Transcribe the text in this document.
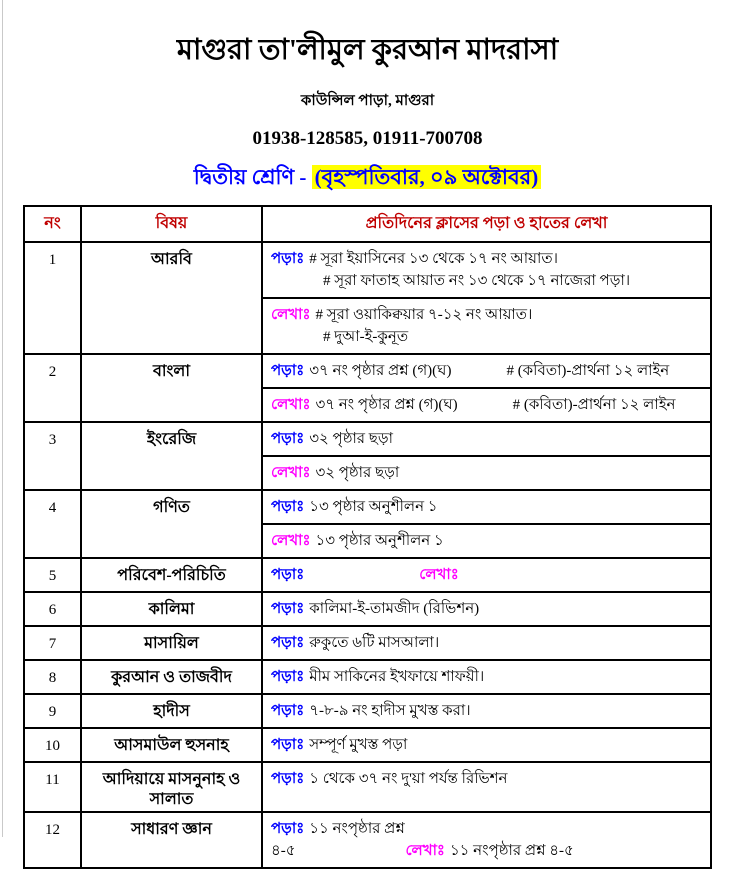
মাগুরা তা'লীমুল কুরআন মাদরাসা
কাউন্সিল পাড়া, মাগুরা
01938-128585, 01911-700708
দ্বিতীয় শ্রেণি - (বৃহস্পতিবার, ০৯ অক্টোবর)
নং	বিষয়	প্রতিদিনের ক্লাসের পড়া ও হাতের লেখা
1	আরবি	পড়াঃ # সূরা ইয়াসিনের ১৩ থেকে ১৭ নং আয়াত।
# সূরা ফাতাহ আয়াত নং ১৩ থেকে ১৭ নাজেরা পড়া।
লেখাঃ # সূরা ওয়াকিক্বয়ার ৭-১২ নং আয়াত।
# দুআ-ই-কুনূত

2	বাংলা	পড়াঃ ৩৭ নং পৃষ্ঠার প্রশ্ন (গ)(ঘ) # (কবিতা)-প্রার্থনা ১২ লাইন
লেখাঃ ৩৭ নং পৃষ্ঠার প্রশ্ন (গ)(ঘ) # (কবিতা)-প্রার্থনা ১২ লাইন

3	ইংরেজি	পড়াঃ ৩২ পৃষ্ঠার ছড়া
লেখাঃ ৩২ পৃষ্ঠার ছড়া

4	গণিত	পড়াঃ ১৩ পৃষ্ঠার অনুশীলন ১
লেখাঃ ১৩ পৃষ্ঠার অনুশীলন ১

5	পরিবেশ-পরিচিতি	পড়াঃ লেখাঃ

6	কালিমা	পড়াঃ কালিমা-ই-তামজীদ (রিভিশন)

7	মাসায়িল	পড়াঃ রুকুতে ৬টি মাসআলা।

8	কুরআন ও তাজবীদ	পড়াঃ মীম সাকিনের ইখফায়ে শাফয়ী।

9	হাদীস	পড়াঃ ৭-৮-৯ নং হাদীস মুখস্ত করা।

10	আসমাউল হুসনাহ	পড়াঃ সম্পূর্ণ মুখস্ত পড়া

11	আদিয়ায়ে মাসনুনাহ ও সালাত	পড়াঃ ১ থেকে ৩৭ নং দু'য়া পর্যন্ত রিভিশন

12	সাধারণ জ্ঞান	পড়াঃ ১১ নংপৃষ্ঠার প্রশ্ন ৪-৫ লেখাঃ ১১ নংপৃষ্ঠার প্রশ্ন ৪-৫
